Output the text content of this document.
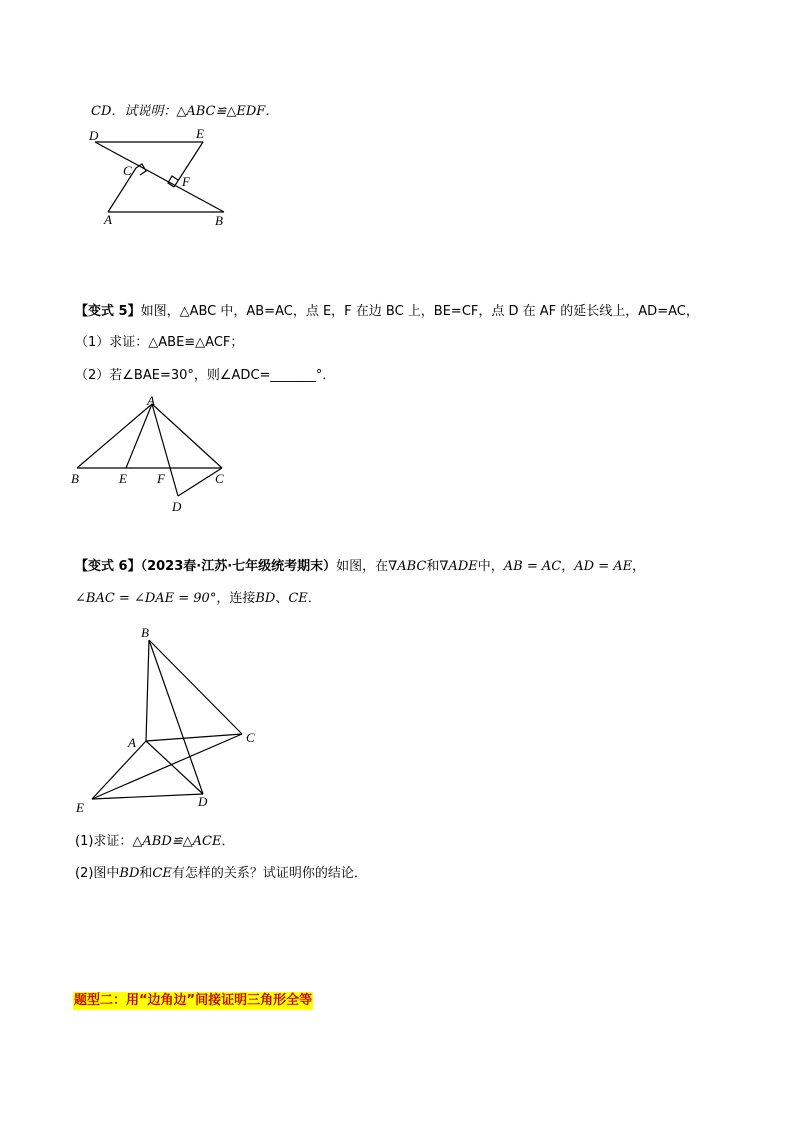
CD．试说明：△ABC≌△EDF．
D	E
C
F
A	B
【变式 5】如图，△ABC 中，AB=AC，点 E，F 在边 BC 上，BE=CF，点 D 在 AF 的延长线上，AD=AC，
（1）求证：△ABE≌△ACF；
（2）若∠BAE=30°，则∠ADC=_______°．
A
B	E F	C
D
【变式 6】（2023春·江苏·七年级统考期末）如图，在∇ABC和∇ADE中，AB = AC，AD = AE，
∠BAC = ∠DAE = 90°，连接BD、CE．
B
A	C
E	D
(1)求证：△ABD≌△ACE．
(2)图中BD和CE有怎样的关系？试证明你的结论．
题型二：用“边角边”间接证明三角形全等
